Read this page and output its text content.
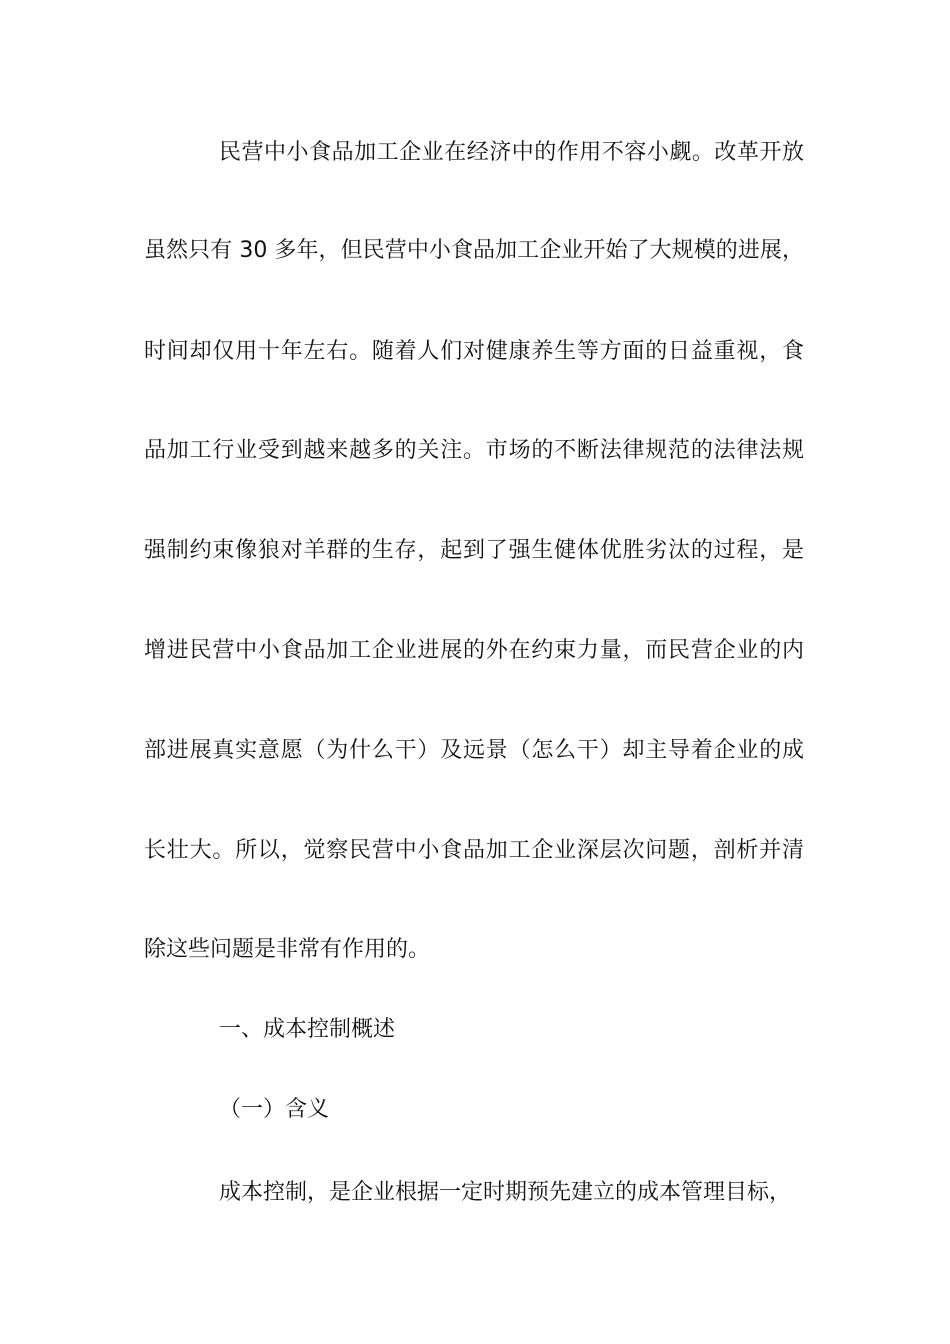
民营中小食品加工企业在经济中的作用不容小觑。改革开放

虽然只有 30 多年，但民营中小食品加工企业开始了大规模的进展，

时间却仅用十年左右。随着人们对健康养生等方面的日益重视，食

品加工行业受到越来越多的关注。市场的不断法律规范的法律法规

强制约束像狼对羊群的生存，起到了强生健体优胜劣汰的过程，是

增进民营中小食品加工企业进展的外在约束力量，而民营企业的内

部进展真实意愿（为什么干）及远景（怎么干）却主导着企业的成

长壮大。所以，觉察民营中小食品加工企业深层次问题，剖析并清

除这些问题是非常有作用的。

一、成本控制概述

（一）含义

成本控制，是企业根据一定时期预先建立的成本管理目标，
